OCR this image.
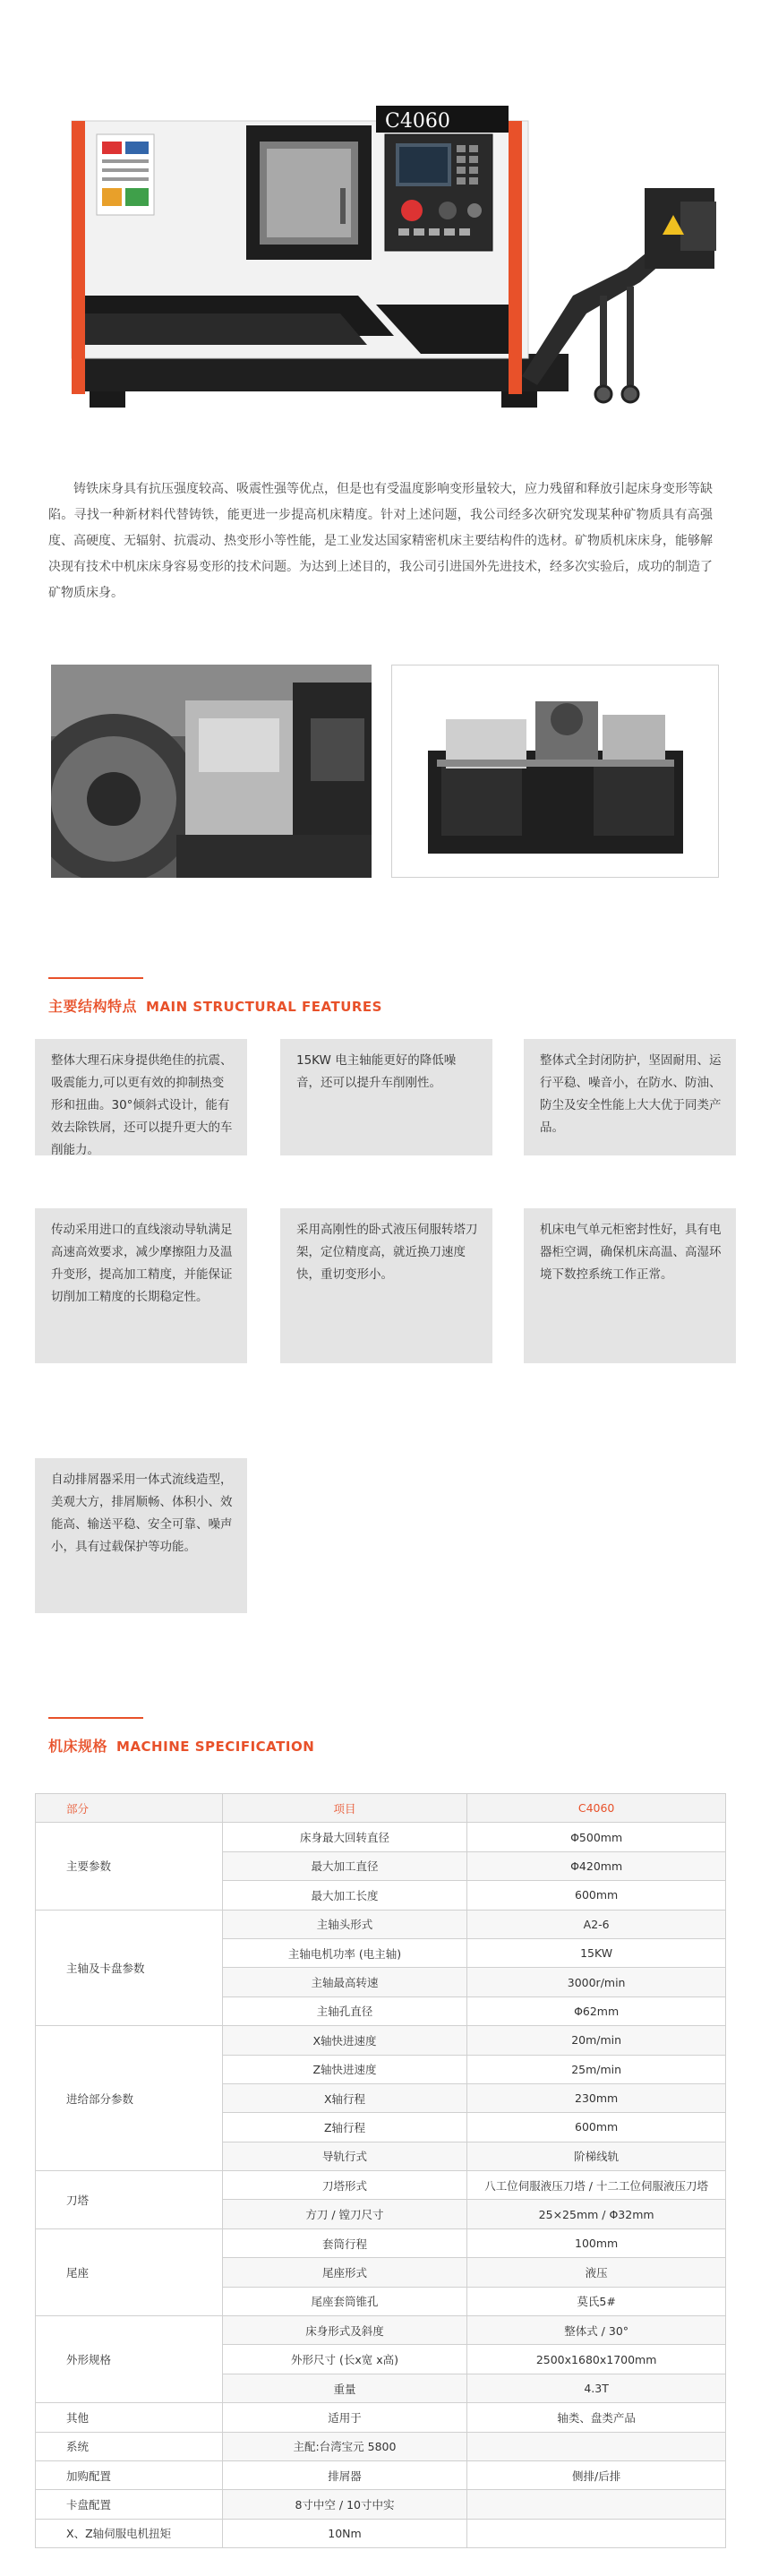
C4060

铸铁床身具有抗压强度较高、吸震性强等优点，但是也有受温度影响变形量较大，应力残留和释放引起床身变形等缺陷。寻找一种新材料代替铸铁，能更进一步提高机床精度。针对上述问题，我公司经多次研究发现某种矿物质具有高强度、高硬度、无辐射、抗震动、热变形小等性能，是工业发达国家精密机床主要结构件的选材。矿物质机床床身，能够解决现有技术中机床床身容易变形的技术问题。为达到上述目的，我公司引进国外先进技术，经多次实验后，成功的制造了矿物质床身。

主要结构特点 MAIN STRUCTURAL FEATURES
整体大理石床身提供绝佳的抗震、吸震能力,可以更有效的抑制热变形和扭曲。30°倾斜式设计，能有效去除铁屑，还可以提升更大的车削能力。
15KW 电主轴能更好的降低噪音，还可以提升车削刚性。
整体式全封闭防护，坚固耐用、运行平稳、噪音小，在防水、防油、防尘及安全性能上大大优于同类产品。
传动采用进口的直线滚动导轨满足高速高效要求，减少摩擦阻力及温升变形，提高加工精度，并能保证切削加工精度的长期稳定性。
采用高刚性的卧式液压伺服转塔刀架，定位精度高，就近换刀速度快，重切变形小。
机床电气单元柜密封性好，具有电器柜空调，确保机床高温、高湿环境下数控系统工作正常。
自动排屑器采用一体式流线造型，美观大方，排屑顺畅、体积小、效能高、输送平稳、安全可靠、噪声小，具有过载保护等功能。
机床规格 MACHINE SPECIFICATION
部分	项目	C4060
主要参数	床身最大回转直径	Φ500mm
	最大加工直径	Φ420mm
	最大加工长度	600mm
主轴及卡盘参数	主轴头形式	A2-6
	主轴电机功率 (电主轴)	15KW
	主轴最高转速	3000r/min
	主轴孔直径	Φ62mm
进给部分参数	X轴快进速度	20m/min
	Z轴快进速度	25m/min
	X轴行程	230mm
	Z轴行程	600mm
	导轨行式	阶梯线轨
刀塔	刀塔形式	八工位伺服液压刀塔 / 十二工位伺服液压刀塔
	方刀 / 镗刀尺寸	25×25mm / Φ32mm
尾座	套筒行程	100mm
	尾座形式	液压
	尾座套筒锥孔	莫氏5#
外形规格	床身形式及斜度	整体式 / 30°
	外形尺寸 (长x宽 x高)	2500x1680x1700mm
	重量	4.3T
其他	适用于	轴类、盘类产品
系统	主配:台湾宝元 5800	
加购配置	排屑器	侧排/后排
卡盘配置	8寸中空 / 10寸中实	
X、Z轴伺服电机扭矩	10Nm	
